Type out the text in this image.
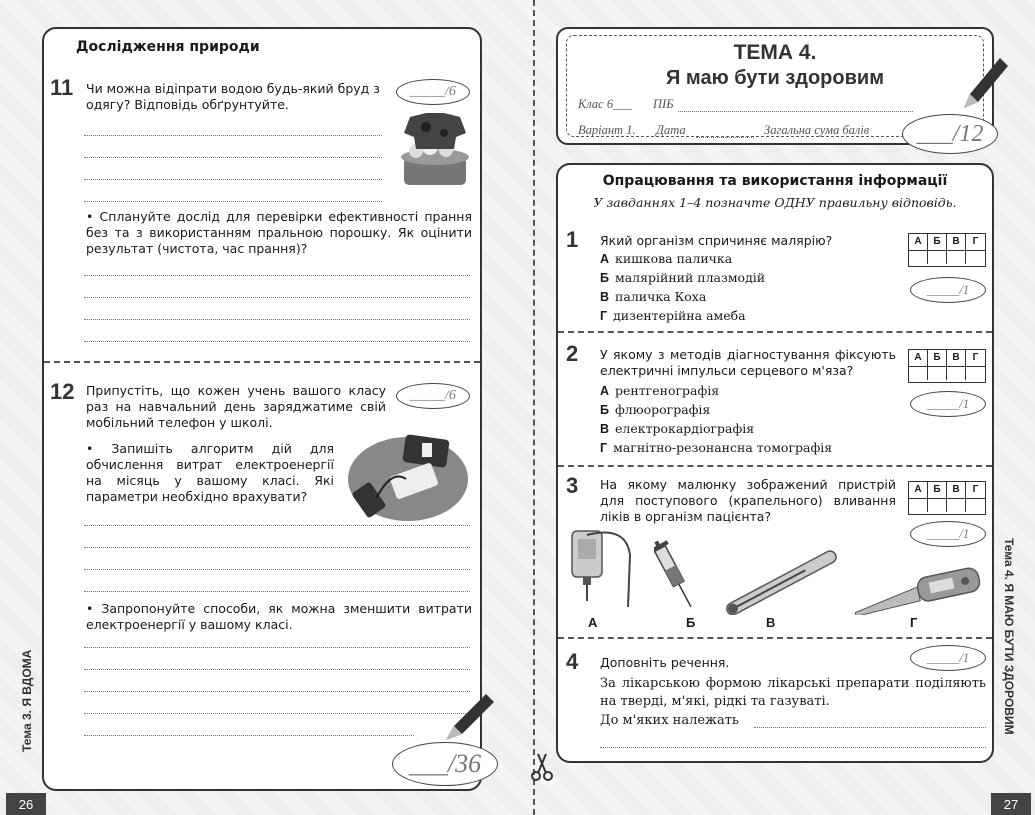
Дослідження природи
11 Чи можна відіпрати водою будь-який бруд з одягу? Відповідь обґрунтуйте.
_____ /6
• Сплануйте дослід для перевірки ефективності прання без та з використанням пральною порошку. Як оцінити результат (чистота, час прання)?
12 Припустіть, що кожен учень вашого класу раз на навчальний день заряджатиме свій мобільний телефон у школі.
_____ /6
• Запишіть алгоритм дій для обчислення витрат електроенергії на місяць у вашому класі. Які параметри необхідно врахувати?
• Запропонуйте способи, як можна зменшити витрати електроенергії у вашому класі.
___ /36
Тема 3. Я ВДОМА
26
ТЕМА 4.
Я маю бути здоровим
Клас 6___ ПІБ
Варіант 1. Дата	Загальна сума балів ___ /12
Опрацювання та використання інформації
У завданнях 1–4 позначте ОДНУ правильну відповідь.
1 Який організм спричиняє малярію?
А кишкова паличка
Б малярійний плазмодій
В паличка Коха
Г дизентерійна амеба
А	Б	В	Г
_____ /1
2 У якому з методів діагностування фіксують електричні імпульси серцевого м'яза?
А рентгенографія
Б флюорографія
В електрокардіографія
Г магнітно-резонансна томографія
А	Б	В	Г
_____ /1
3 На якому малюнку зображений пристрій для поступового (крапельного) вливання ліків в організм пацієнта?
А	Б	В	Г
_____ /1
А	Б	В	Г
4 Доповніть речення.	_____ /1
За лікарською формою лікарські препарати поділяють на тверді, м'які, рідкі та газуваті.
До м'яких належать	Тема 4. Я МАЮ БУТИ ЗДОРОВИМ
27
